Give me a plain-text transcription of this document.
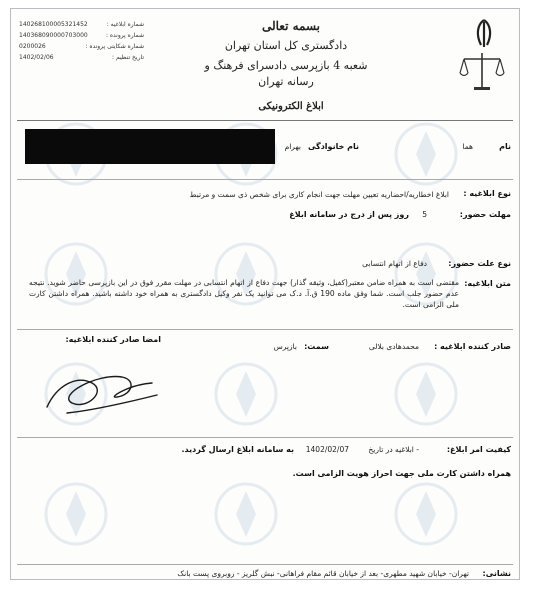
بسمه تعالی
دادگستری کل استان تهران
شعبه 4 بازپرسی دادسرای فرهنگ و
رسانه تهران
ابلاغ الکترونیکی
140268100005321452	شماره ابلاغیه :
140368090000703000	شماره پرونده :
0200026	شماره شکایتی پرونده :
1402/02/06	تاریخ تنظیم :
نام
هما
نام خانوادگی
بهرام
نوع ابلاغیه :
ابلاغ اخطاریه/احضاریه تعیین مهلت جهت انجام کاری برای شخص ذی سمت و مرتبط
مهلت حضور:
5
روز پس از درج در سامانه ابلاغ
نوع علت حضور:
دفاع از اتهام انتسابی
متن ابلاغیه:
مقتضی است به همراه ضامن معتبر(کفیل، وثیقه گذار) جهت دفاع از اتهام انتسابی در مهلت مقرر فوق در این بازپرسی حاضر شوید. نتیجه عدم حضور جلب است. شما وفق ماده 190 ق.آ. د.ک می توانید یک نفر وکیل دادگستری به همراه خود داشته باشید. همراه داشتن کارت ملی الزامی است.
صادر کننده ابلاغیه :
محمدهادی بلالی
سمت:
بازپرس
امضا صادر کننده ابلاغیه:
کیفیت امر ابلاغ:
- ابلاغیه در تاریخ
1402/02/07
به سامانه ابلاغ ارسال گردید.
همراه داشتن کارت ملی جهت احراز هویت الزامی است.
نشانی:
تهران- خیابان شهید مطهری- بعد از خیابان قائم مقام فراهانی- نبش گلریز - روبروی پست بانک
